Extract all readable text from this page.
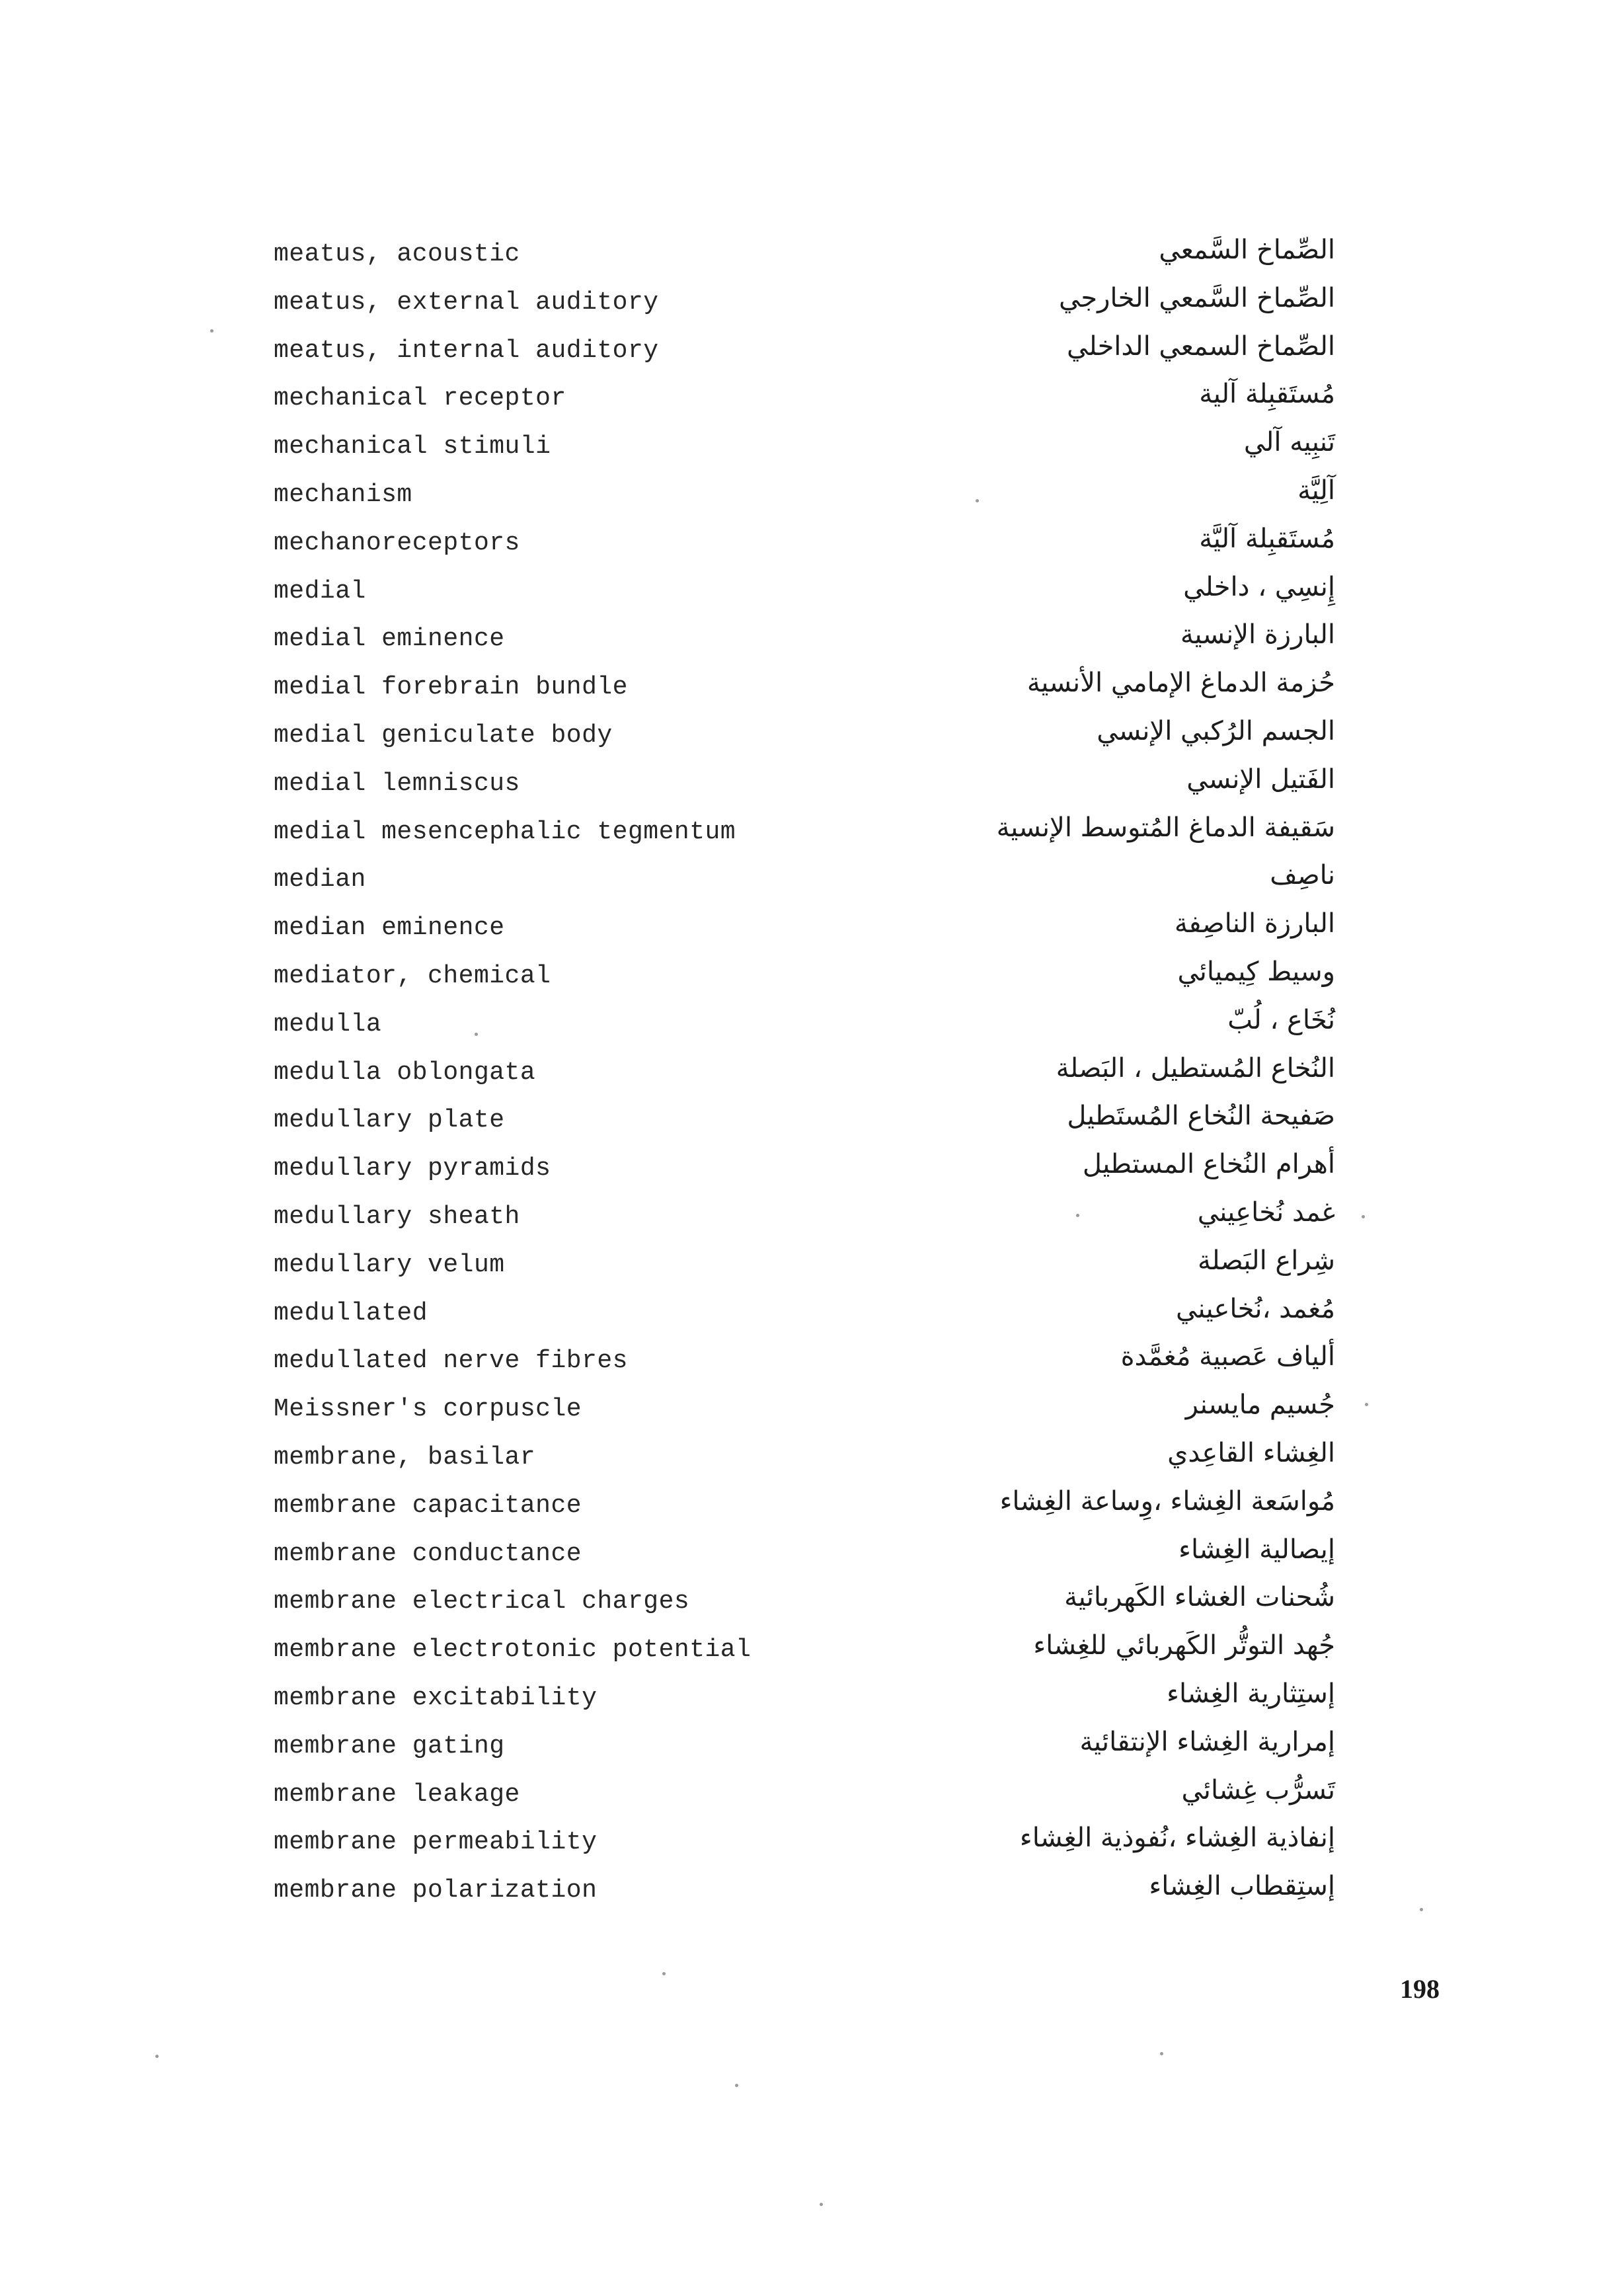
meatus, acoustic	الصِّماخ السَّمعي
meatus, external auditory	الصِّماخ السَّمعي الخارجي
meatus, internal auditory	الصِّماخ السمعي الداخلي
mechanical receptor	مُستَقبِلة آلية
mechanical stimuli	تَنبِيه آلي
mechanism	آلِيَّة
mechanoreceptors	مُستَقبِلة آليَّة
medial	إِنسِي ، داخلي
medial eminence	البارزة الإنسية
medial forebrain bundle	حُزمة الدماغ الإمامي الأنسية
medial geniculate body	الجسم الرُكبي الإنسي
medial lemniscus	الفَتيل الإنسي
medial mesencephalic tegmentum	سَقيفة الدماغ المُتوسط الإنسية
median	ناصِف
median eminence	البارزة الناصِفة
mediator, chemical	وسيط كِيميائي
medulla	نُخَاع ، لُبّ
medulla oblongata	النُخاع المُستطيل ، البَصلة
medullary plate	صَفيحة النُخاع المُستَطيل
medullary pyramids	أهرام النُخاع المستطيل
medullary sheath	غمد نُخاعِيني
medullary velum	شِراع البَصلة
medullated	مُغمد ،نُخاعيني
medullated nerve fibres	ألياف عَصبية مُغمَّدة
Meissner's corpuscle	جُسيم مايسنر
membrane, basilar	الغِشاء القاعِدي
membrane capacitance	مُواسَعة الغِشاء ،وِساعة الغِشاء
membrane conductance	إيصالية الغِشاء
membrane electrical charges	شُحنات الغشاء الكَهربائية
membrane electrotonic potential	جُهد التوتُّر الكَهربائي للغِشاء
membrane excitability	إستِثارية الغِشاء
membrane gating	إمرارية الغِشاء الإنتقائية
membrane leakage	تَسرُّب غِشائي
membrane permeability	إنفاذية الغِشاء ،نُفوذية الغِشاء
membrane polarization	إستِقطاب الغِشاء
198
